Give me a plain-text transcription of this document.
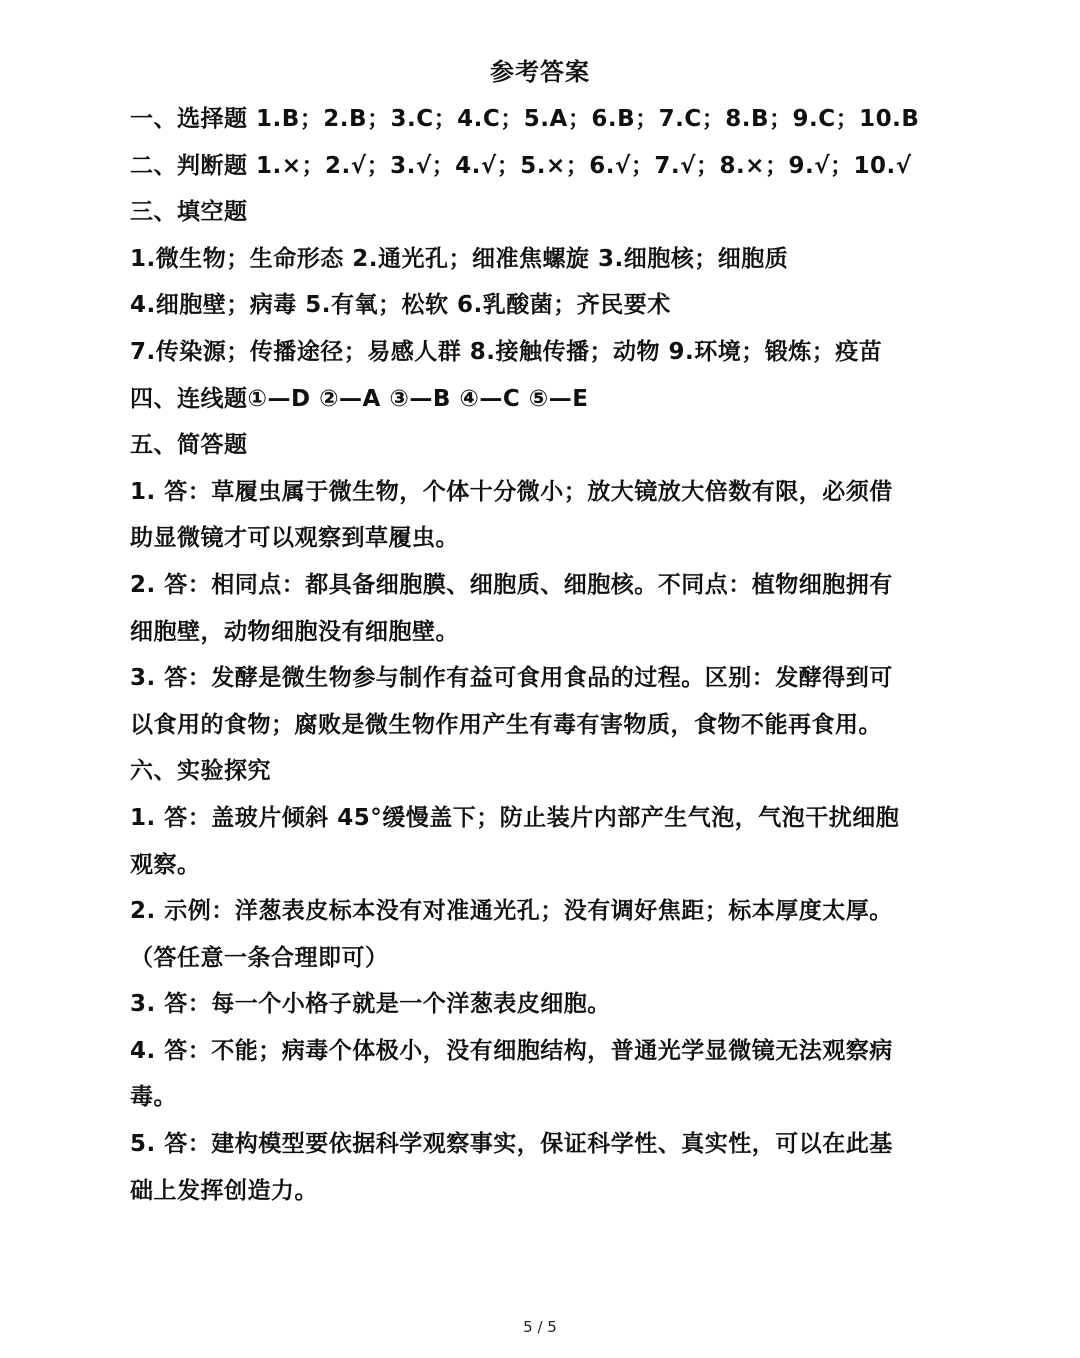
参考答案
一、选择题 1.B；2.B；3.C；4.C；5.A；6.B；7.C；8.B；9.C；10.B
二、判断题 1.×；2.√；3.√；4.√；5.×；6.√；7.√；8.×；9.√；10.√
三、填空题
1.微生物；生命形态 2.通光孔；细准焦螺旋 3.细胞核；细胞质
4.细胞壁；病毒 5.有氧；松软 6.乳酸菌；齐民要术
7.传染源；传播途径；易感人群 8.接触传播；动物 9.环境；锻炼；疫苗
四、连线题①—D ②—A ③—B ④—C ⑤—E
五、简答题
1. 答：草履虫属于微生物，个体十分微小；放大镜放大倍数有限，必须借
助显微镜才可以观察到草履虫。
2. 答：相同点：都具备细胞膜、细胞质、细胞核。不同点：植物细胞拥有
细胞壁，动物细胞没有细胞壁。
3. 答：发酵是微生物参与制作有益可食用食品的过程。区别：发酵得到可
以食用的食物；腐败是微生物作用产生有毒有害物质，食物不能再食用。
六、实验探究
1. 答：盖玻片倾斜 45°缓慢盖下；防止装片内部产生气泡，气泡干扰细胞
观察。
2. 示例：洋葱表皮标本没有对准通光孔；没有调好焦距；标本厚度太厚。
（答任意一条合理即可）
3. 答：每一个小格子就是一个洋葱表皮细胞。
4. 答：不能；病毒个体极小，没有细胞结构，普通光学显微镜无法观察病
毒。
5. 答：建构模型要依据科学观察事实，保证科学性、真实性，可以在此基
础上发挥创造力。
5 / 5
